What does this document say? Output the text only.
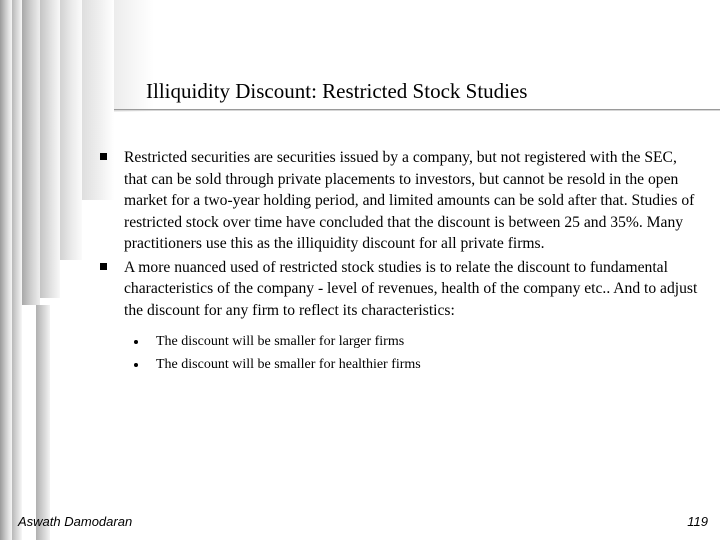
Illiquidity Discount: Restricted Stock Studies
Restricted securities are securities issued by a company, but not registered with the SEC, that can be sold through private placements to investors, but cannot be resold in the open market for a two-year holding period, and limited amounts can be sold after that. Studies of restricted stock over time have concluded that the discount is between 25 and 35%. Many practitioners use this as the illiquidity discount for all private firms.
A more nuanced used of restricted stock studies is to relate the discount to fundamental characteristics of the company - level of revenues, health of the company etc.. And to adjust the discount for any firm to reflect its characteristics:
The discount will be smaller for larger firms
The discount will be smaller for healthier firms
Aswath Damodaran	119
